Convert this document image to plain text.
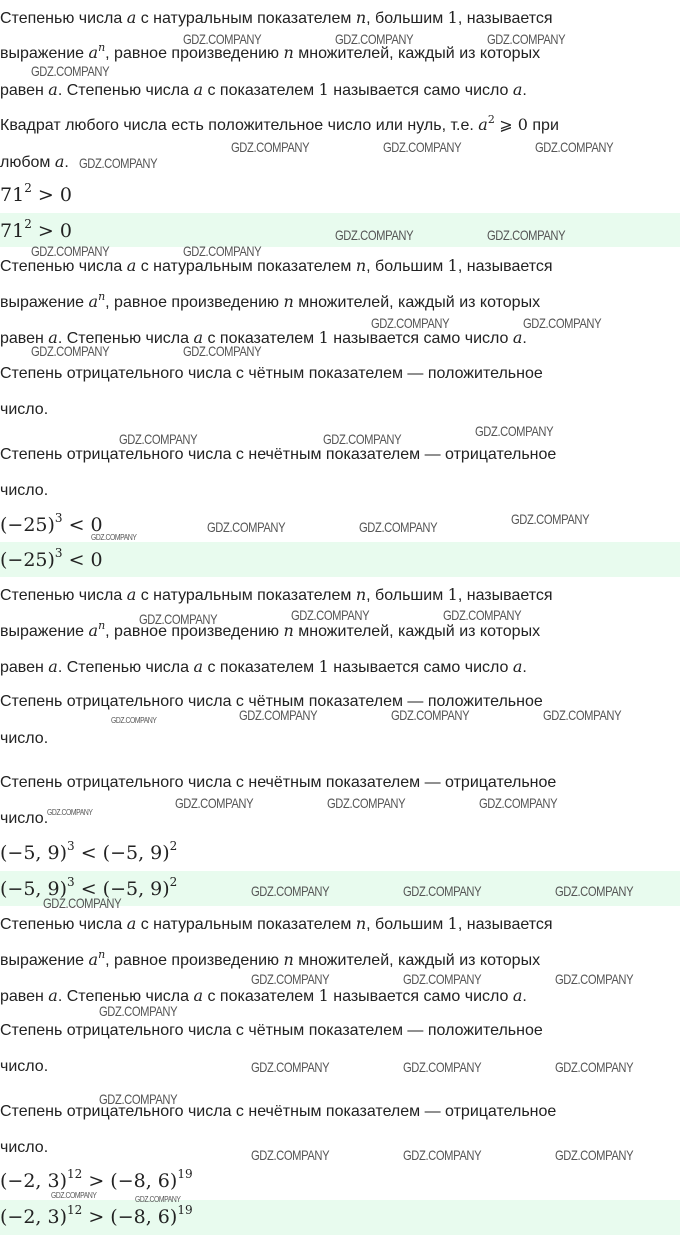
Степенью числа a с натуральным показателем n, большим 1, называется
выражение $a^n$, равное произведению n множителей, каждый из которых
равен a. Степенью числа a с показателем 1 называется само число a.
Квадрат любого числа есть положительное число или нуль, т.е. $a^2$ ⩾ 0 при
любом a.
$71^2 > 0$
$71^2 > 0$
Степенью числа a с натуральным показателем n, большим 1, называется
выражение $a^n$, равное произведению n множителей, каждый из которых
равен a. Степенью числа a с показателем 1 называется само число a.
Степень отрицательного числа с чётным показателем — положительное
число.
Степень отрицательного числа с нечётным показателем — отрицательное
число.
$(-25)^3 < 0$
$(-25)^3 < 0$
Степенью числа a с натуральным показателем n, большим 1, называется
выражение $a^n$, равное произведению n множителей, каждый из которых
равен a. Степенью числа a с показателем 1 называется само число a.
Степень отрицательного числа с чётным показателем — положительное
число.
Степень отрицательного числа с нечётным показателем — отрицательное
число.
(−5, 9)$^3$ < (−5, 9)$^2$
(−5, 9)$^3$ < (−5, 9)$^2$
Степенью числа a с натуральным показателем n, большим 1, называется
выражение $a^n$, равное произведению n множителей, каждый из которых
равен a. Степенью числа a с показателем 1 называется само число a.
Степень отрицательного числа с чётным показателем — положительное
число.
Степень отрицательного числа с нечётным показателем — отрицательное
число.
(−2, 3)$^{12}$ > (−8, 6)$^{19}$
(−2, 3)$^{12}$ > (−8, 6)$^{19}$
GDZ.COMPANY	GDZ.COMPANY	GDZ.COMPANY
GDZ.COMPANY
GDZ.COMPANY
GDZ.COMPANY	GDZ.COMPANY	GDZ.COMPANY
GDZ.COMPANY	GDZ.COMPANY
GDZ.COMPANY	GDZ.COMPANY
GDZ.COMPANY	GDZ.COMPANY
GDZ.COMPANY	GDZ.COMPANY
GDZ.COMPANY	GDZ.COMPANY	GDZ.COMPANY
GDZ.COMPANY
GDZ.COMPANY	GDZ.COMPANY	GDZ.COMPANY
GDZ.COMPANY	GDZ.COMPANY	GDZ.COMPANY
GDZ.COMPANY	GDZ.COMPANY	GDZ.COMPANY	GDZ.COMPANY
GDZ.COMPANY
GDZ.COMPANY	GDZ.COMPANY	GDZ.COMPANY
GDZ.COMPANY	GDZ.COMPANY	GDZ.COMPANY
GDZ.COMPANY
GDZ.COMPANY	GDZ.COMPANY	GDZ.COMPANY
GDZ.COMPANY
GDZ.COMPANY	GDZ.COMPANY	GDZ.COMPANY
GDZ.COMPANY
GDZ.COMPANY	GDZ.COMPANY	GDZ.COMPANY
GDZ.COMPANY	GDZ.COMPANY
